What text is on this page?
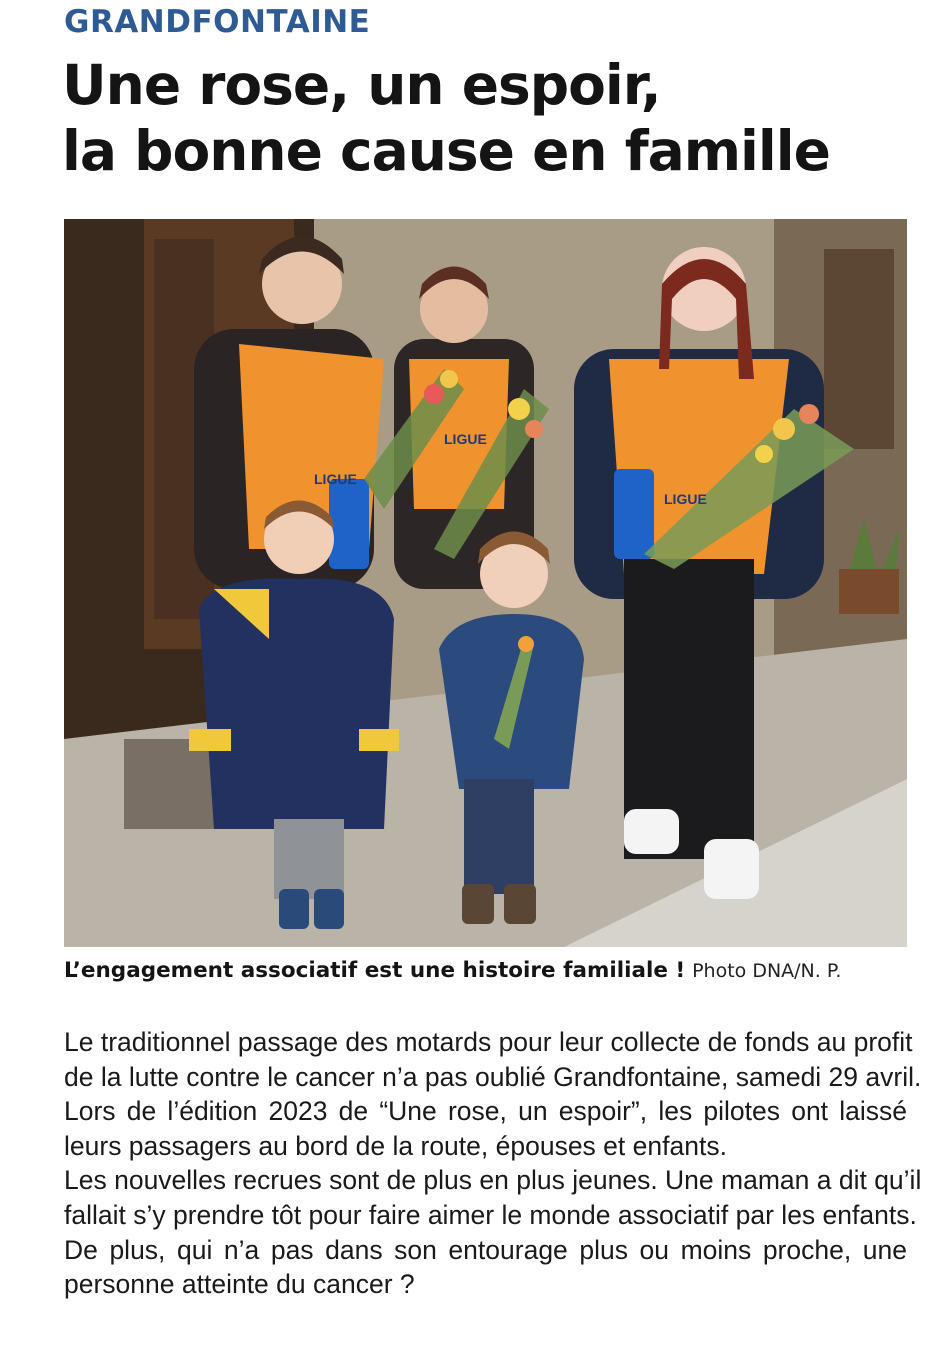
GRANDFONTAINE
Une rose, un espoir,
la bonne cause en famille
LIGUE
LIGUE
LIGUE
L’engagement associatif est une histoire familiale ! Photo DNA/N. P.
Le traditionnel passage des motards pour leur collecte de fonds au profit
de la lutte contre le cancer n’a pas oublié Grandfontaine, samedi 29 avril.
Lors de l’édition 2023 de “Une rose, un espoir”, les pilotes ont laissé
leurs passagers au bord de la route, épouses et enfants.
Les nouvelles recrues sont de plus en plus jeunes. Une maman a dit qu’il
fallait s’y prendre tôt pour faire aimer le monde associatif par les enfants.
De plus, qui n’a pas dans son entourage plus ou moins proche, une
personne atteinte du cancer ?
